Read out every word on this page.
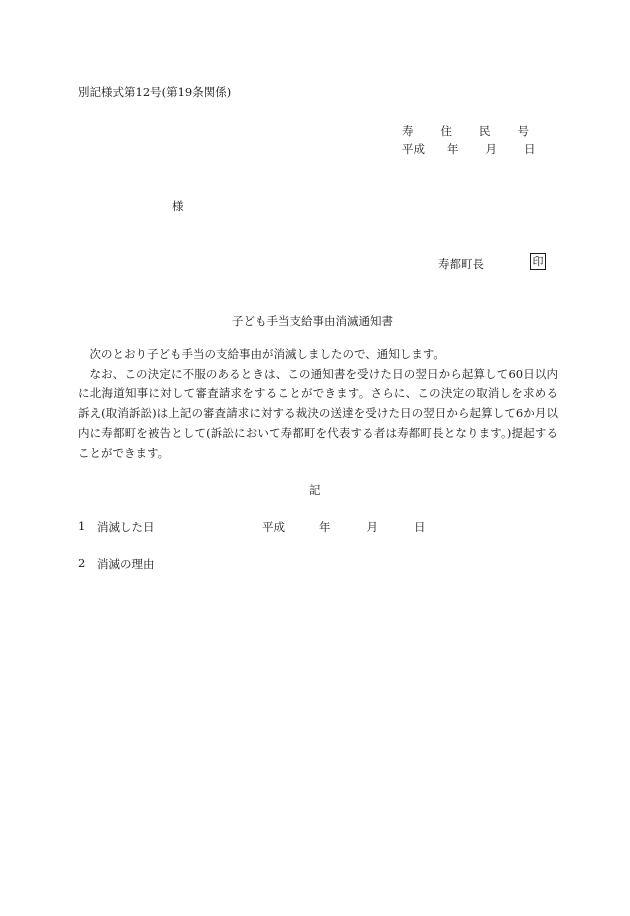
別記様式第12号(第19条関係)
寿 住 民 号
平成 年 月 日
様
寿都町長	印
子ども手当支給事由消滅通知書

次のとおり子ども手当の支給事由が消滅しましたので、通知します。

なお、この決定に不服のあるときは、この通知書を受けた日の翌日から起算して60日以内に北海道知事に対して審査請求をすることができます。さらに、この決定の取消しを求める訴え(取消訴訟)は上記の審査請求に対する裁決の送達を受けた日の翌日から起算して6か月以内に寿都町を被告として(訴訟において寿都町を代表する者は寿都町長となります。)提起することができます。

記
1 消滅した日	平成	年	月	日
2 消滅の理由
